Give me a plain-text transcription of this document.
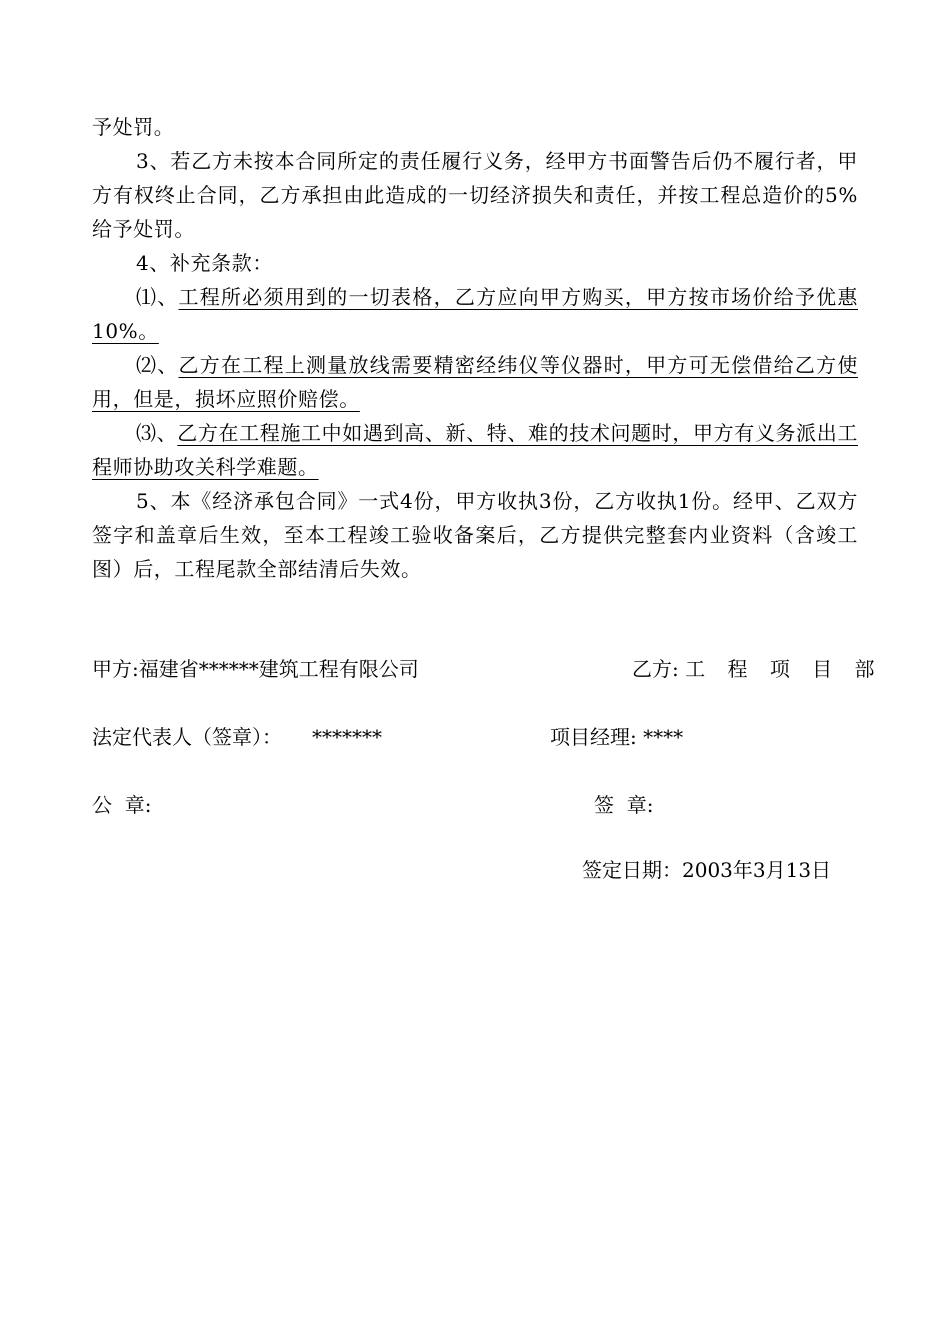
予处罚。

3、若乙方未按本合同所定的责任履行义务，经甲方书面警告后仍不履行者，甲方有权终止合同，乙方承担由此造成的一切经济损失和责任，并按工程总造价的5%给予处罚。

4、补充条款：

⑴、工程所必须用到的一切表格，乙方应向甲方购买，甲方按市场价给予优惠10%。

⑵、乙方在工程上测量放线需要精密经纬仪等仪器时，甲方可无偿借给乙方使用，但是，损坏应照价赔偿。

⑶、乙方在工程施工中如遇到高、新、特、难的技术问题时，甲方有义务派出工程师协助攻关科学难题。

5、本《经济承包合同》一式4份，甲方收执3份，乙方收执1份。经甲、乙双方签字和盖章后生效，至本工程竣工验收备案后，乙方提供完整套内业资料（含竣工图）后，工程尾款全部结清后失效。

甲方:福建省******建筑工程有限公司	乙方: 工 程 项 目 部
法定代表人（签章）： *******	项目经理: ****
公  章:	签  章:
签定日期：2003年3月13日
